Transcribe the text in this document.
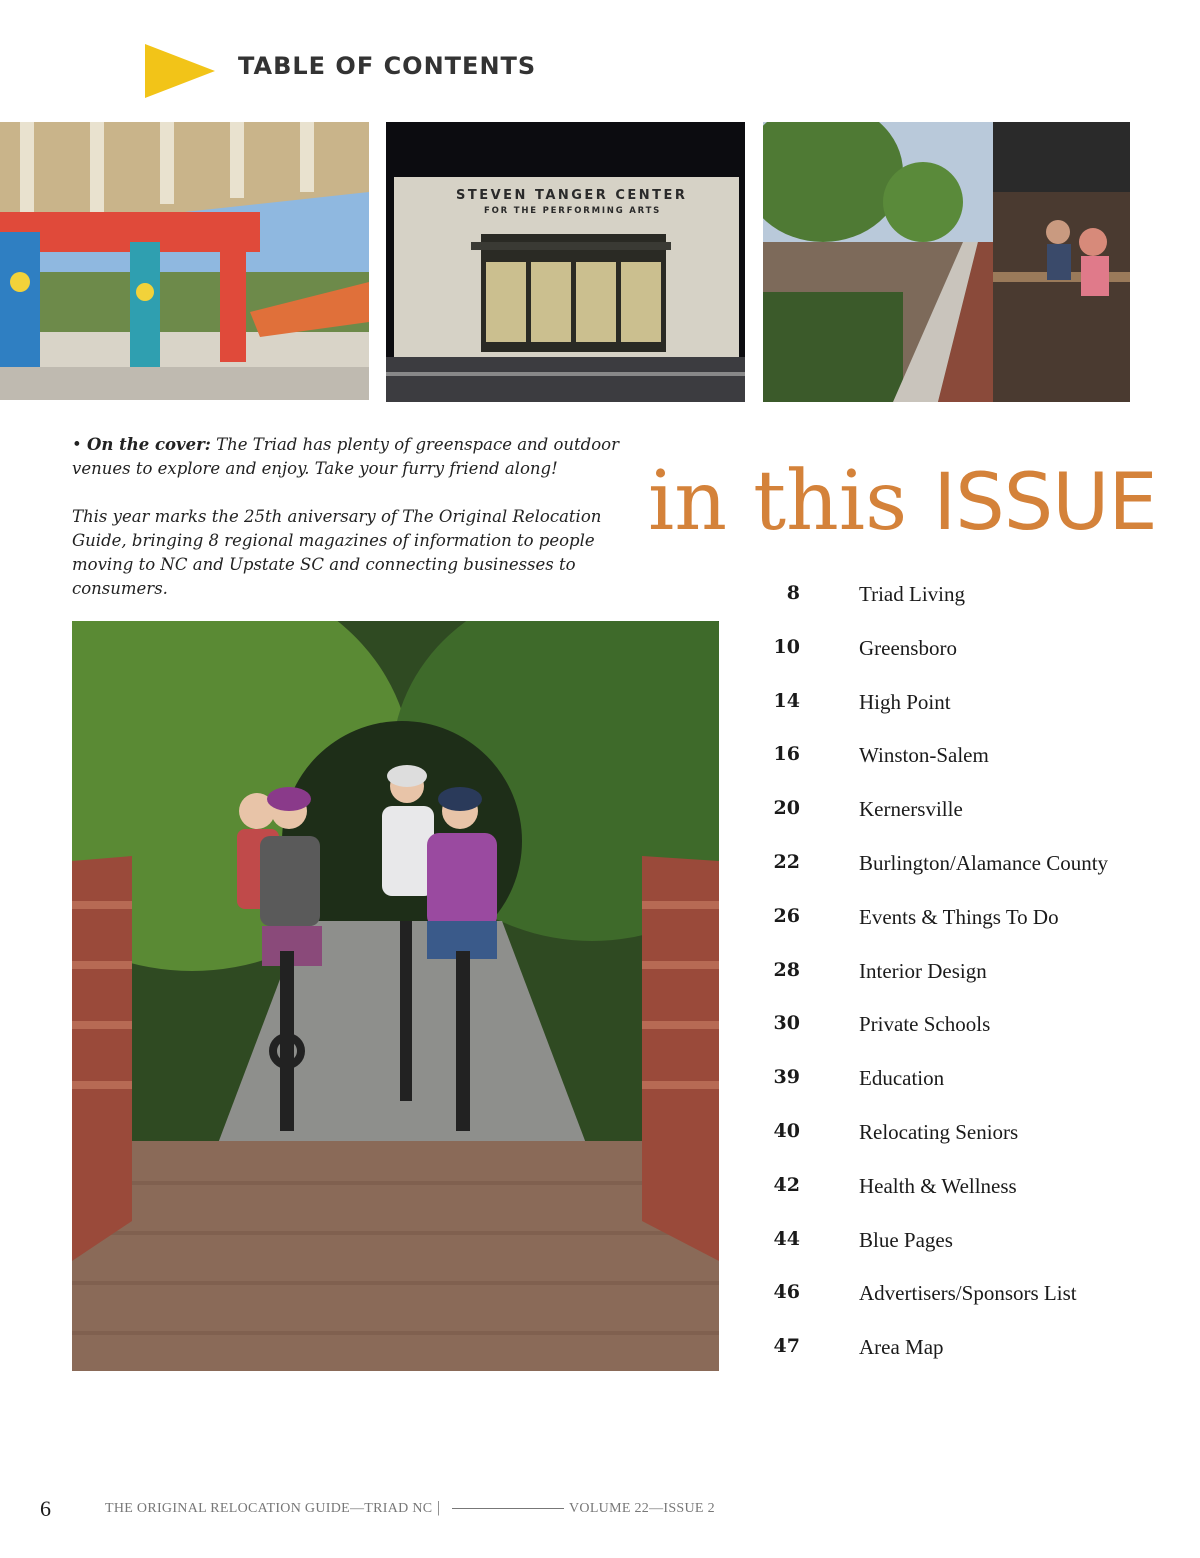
TABLE OF CONTENTS
STEVEN TANGER CENTER
FOR THE PERFORMING ARTS

• On the cover: The Triad has plenty of greenspace and outdoor venues to explore and enjoy. Take your furry friend along!

This year marks the 25th aniversary of The Original Relocation Guide, bringing 8 regional magazines of information to people moving to NC and Upstate SC and connecting businesses to consumers.

in this ISSUE
8	Triad Living
10	Greensboro
14	High Point
16	Winston-Salem
20	Kernersville
22	Burlington/Alamance County
26	Events & Things To Do
28	Interior Design
30	Private Schools
39	Education
40	Relocating Seniors
42	Health & Wellness
44	Blue Pages
46	Advertisers/Sponsors List
47	Area Map
6	THE ORIGINAL RELOCATION GUIDE—TRIAD NC |	VOLUME 22—ISSUE 2
